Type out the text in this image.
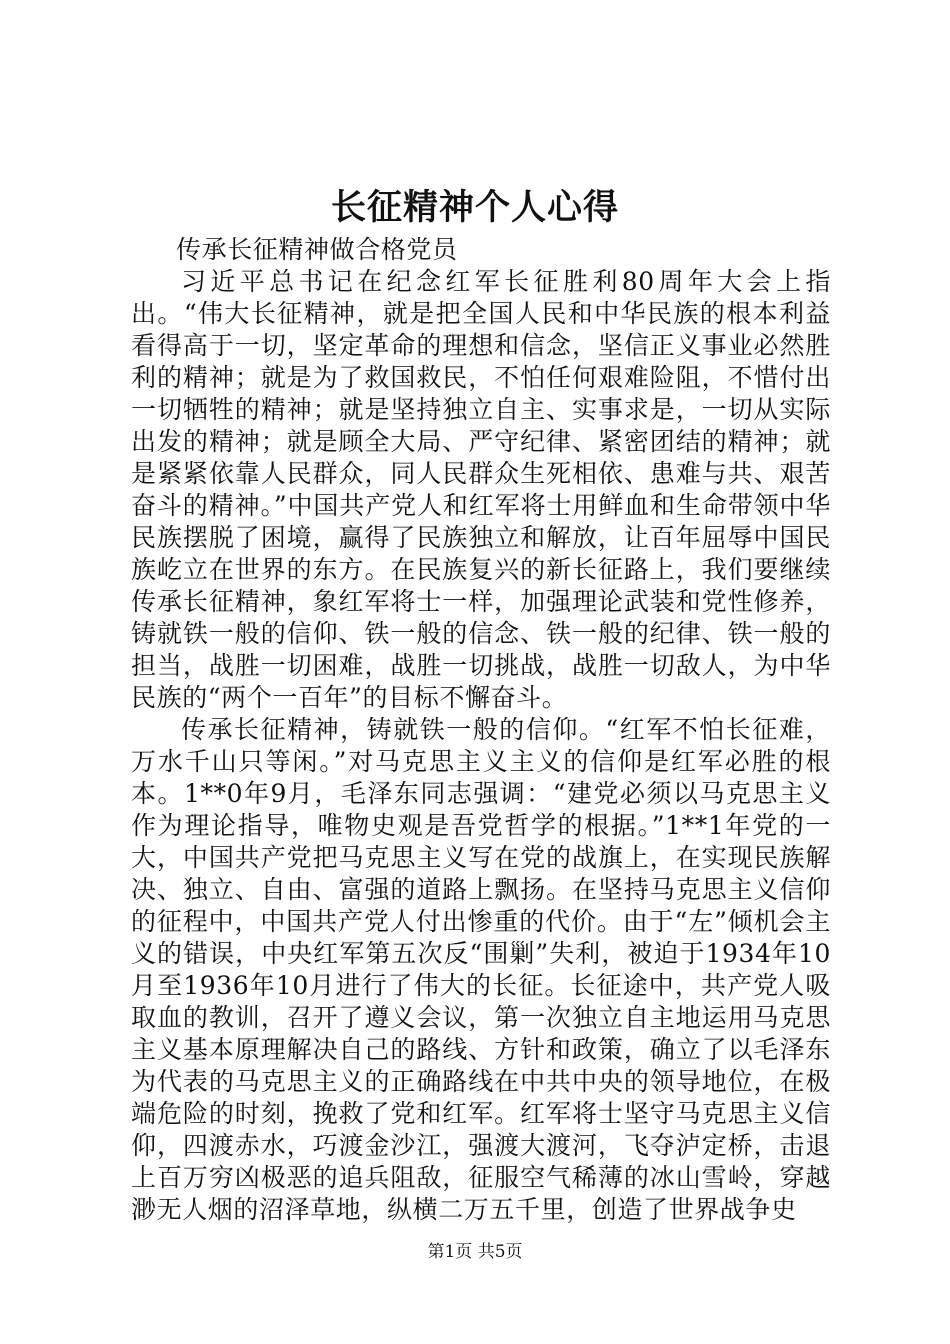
长征精神个人心得

传承长征精神做合格党员

习近平总书记在纪念红军长征胜利80周年大会上指出。“伟大长征精神，就是把全国人民和中华民族的根本利益看得高于一切，坚定革命的理想和信念，坚信正义事业必然胜利的精神；就是为了救国救民，不怕任何艰难险阻，不惜付出一切牺牲的精神；就是坚持独立自主、实事求是，一切从实际出发的精神；就是顾全大局、严守纪律、紧密团结的精神；就是紧紧依靠人民群众，同人民群众生死相依、患难与共、艰苦奋斗的精神。”中国共产党人和红军将士用鲜血和生命带领中华民族摆脱了困境，赢得了民族独立和解放，让百年屈辱中国民族屹立在世界的东方。在民族复兴的新长征路上，我们要继续传承长征精神，象红军将士一样，加强理论武装和党性修养，铸就铁一般的信仰、铁一般的信念、铁一般的纪律、铁一般的担当，战胜一切困难，战胜一切挑战，战胜一切敌人，为中华民族的“两个一百年”的目标不懈奋斗。

传承长征精神，铸就铁一般的信仰。“红军不怕长征难，万水千山只等闲。”对马克思主义主义的信仰是红军必胜的根本。1**0年9月，毛泽东同志强调：“建党必须以马克思主义作为理论指导，唯物史观是吾党哲学的根据。”1**1年党的一大，中国共产党把马克思主义写在党的战旗上，在实现民族解决、独立、自由、富强的道路上飘扬。在坚持马克思主义信仰的征程中，中国共产党人付出惨重的代价。由于“左”倾机会主义的错误，中央红军第五次反“围剿”失利，被迫于1934年10月至1936年10月进行了伟大的长征。长征途中，共产党人吸取血的教训，召开了遵义会议，第一次独立自主地运用马克思主义基本原理解决自己的路线、方针和政策，确立了以毛泽东为代表的马克思主义的正确路线在中共中央的领导地位，在极端危险的时刻，挽救了党和红军。红军将士坚守马克思主义信仰，四渡赤水，巧渡金沙江，强渡大渡河，飞夺泸定桥，击退上百万穷凶极恶的追兵阻敌，征服空气稀薄的冰山雪岭，穿越渺无人烟的沼泽草地，纵横二万五千里，创造了世界战争史

第1页 共5页
